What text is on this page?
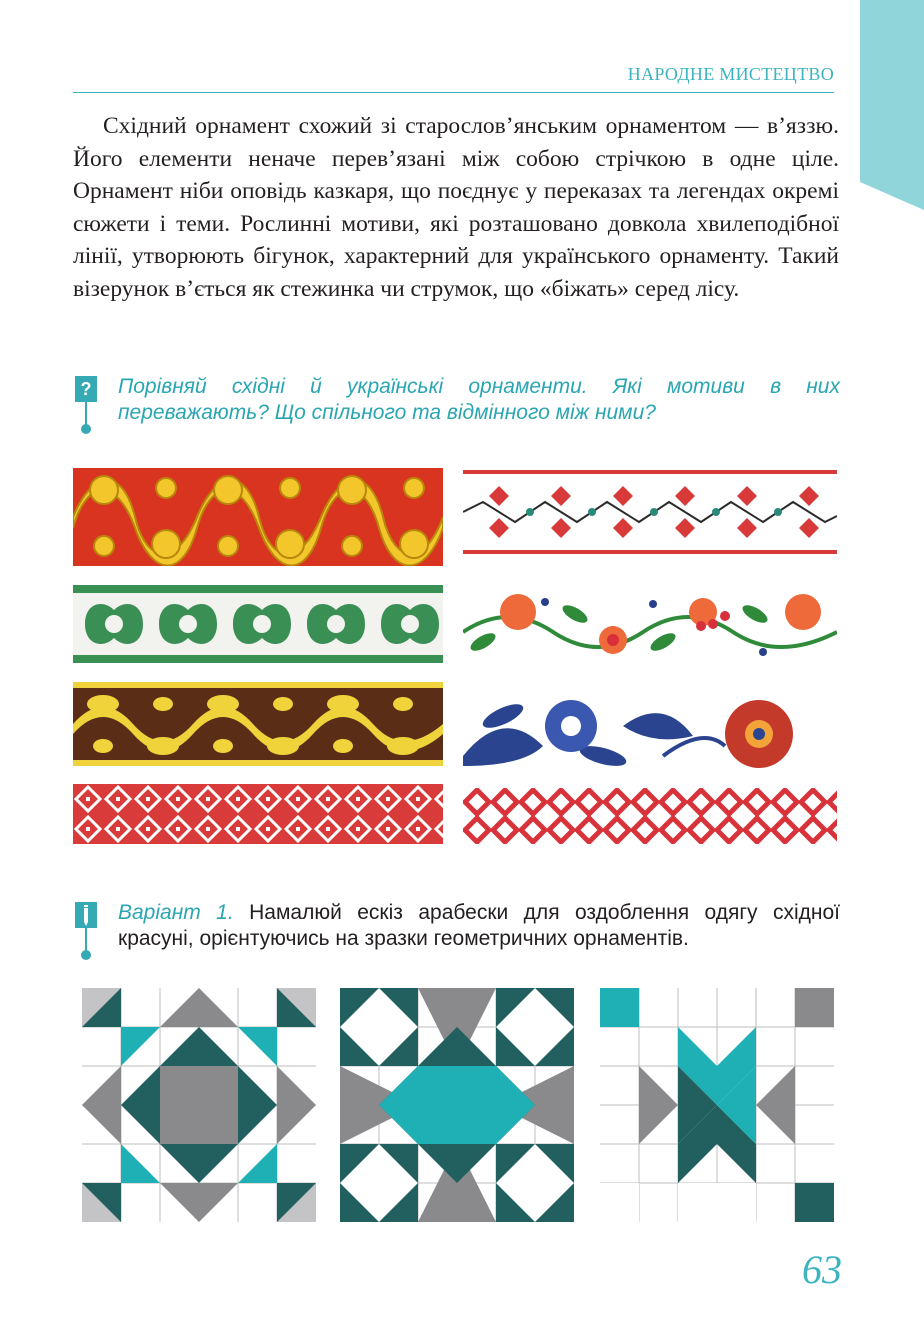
НАРОДНЕ МИСТЕЦТВО

Східний орнамент схожий зі старослов’янським орнаментом — в’яззю. Його елементи неначе перев’язані між собою стрічкою в одне ціле. Орнамент ніби оповідь казкаря, що поєднує у переказах та легендах окремі сюжети і теми. Рослинні мотиви, які розташовано довкола хвилеподібної лінії, утворюють бігунок, характерний для українського орнаменту. Такий візерунок в’ється як стежинка чи струмок, що «біжать» серед лісу.

? Порівняй східні й українські орнаменти. Які мотиви в них переважають? Що спільного та відмінного між ними?
Варіант 1. Намалюй ескіз арабески для оздоблення одягу східної красуні, орієнтуючись на зразки геометричних орнаментів.
63
